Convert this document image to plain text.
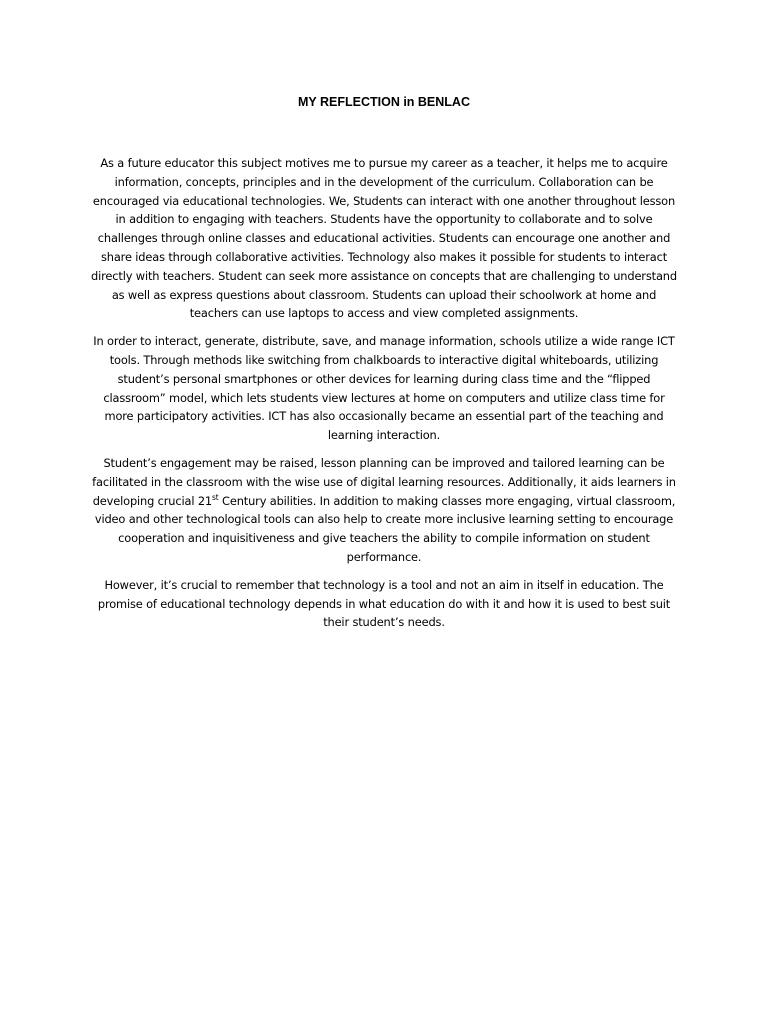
MY REFLECTION in BENLAC

As a future educator this subject motives me to pursue my career as a teacher, it helps me to acquire information, concepts, principles and in the development of the curriculum. Collaboration can be encouraged via educational technologies. We, Students can interact with one another throughout lesson in addition to engaging with teachers. Students have the opportunity to collaborate and to solve challenges through online classes and educational activities. Students can encourage one another and share ideas through collaborative activities. Technology also makes it possible for students to interact directly with teachers. Student can seek more assistance on concepts that are challenging to understand as well as express questions about classroom. Students can upload their schoolwork at home and teachers can use laptops to access and view completed assignments.

In order to interact, generate, distribute, save, and manage information, schools utilize a wide range ICT tools. Through methods like switching from chalkboards to interactive digital whiteboards, utilizing student’s personal smartphones or other devices for learning during class time and the “flipped classroom” model, which lets students view lectures at home on computers and utilize class time for more participatory activities. ICT has also occasionally became an essential part of the teaching and learning interaction.

Student’s engagement may be raised, lesson planning can be improved and tailored learning can be facilitated in the classroom with the wise use of digital learning resources. Additionally, it aids learners in developing crucial 21st Century abilities. In addition to making classes more engaging, virtual classroom, video and other technological tools can also help to create more inclusive learning setting to encourage cooperation and inquisitiveness and give teachers the ability to compile information on student performance.

However, it’s crucial to remember that technology is a tool and not an aim in itself in education. The promise of educational technology depends in what education do with it and how it is used to best suit their student’s needs.
